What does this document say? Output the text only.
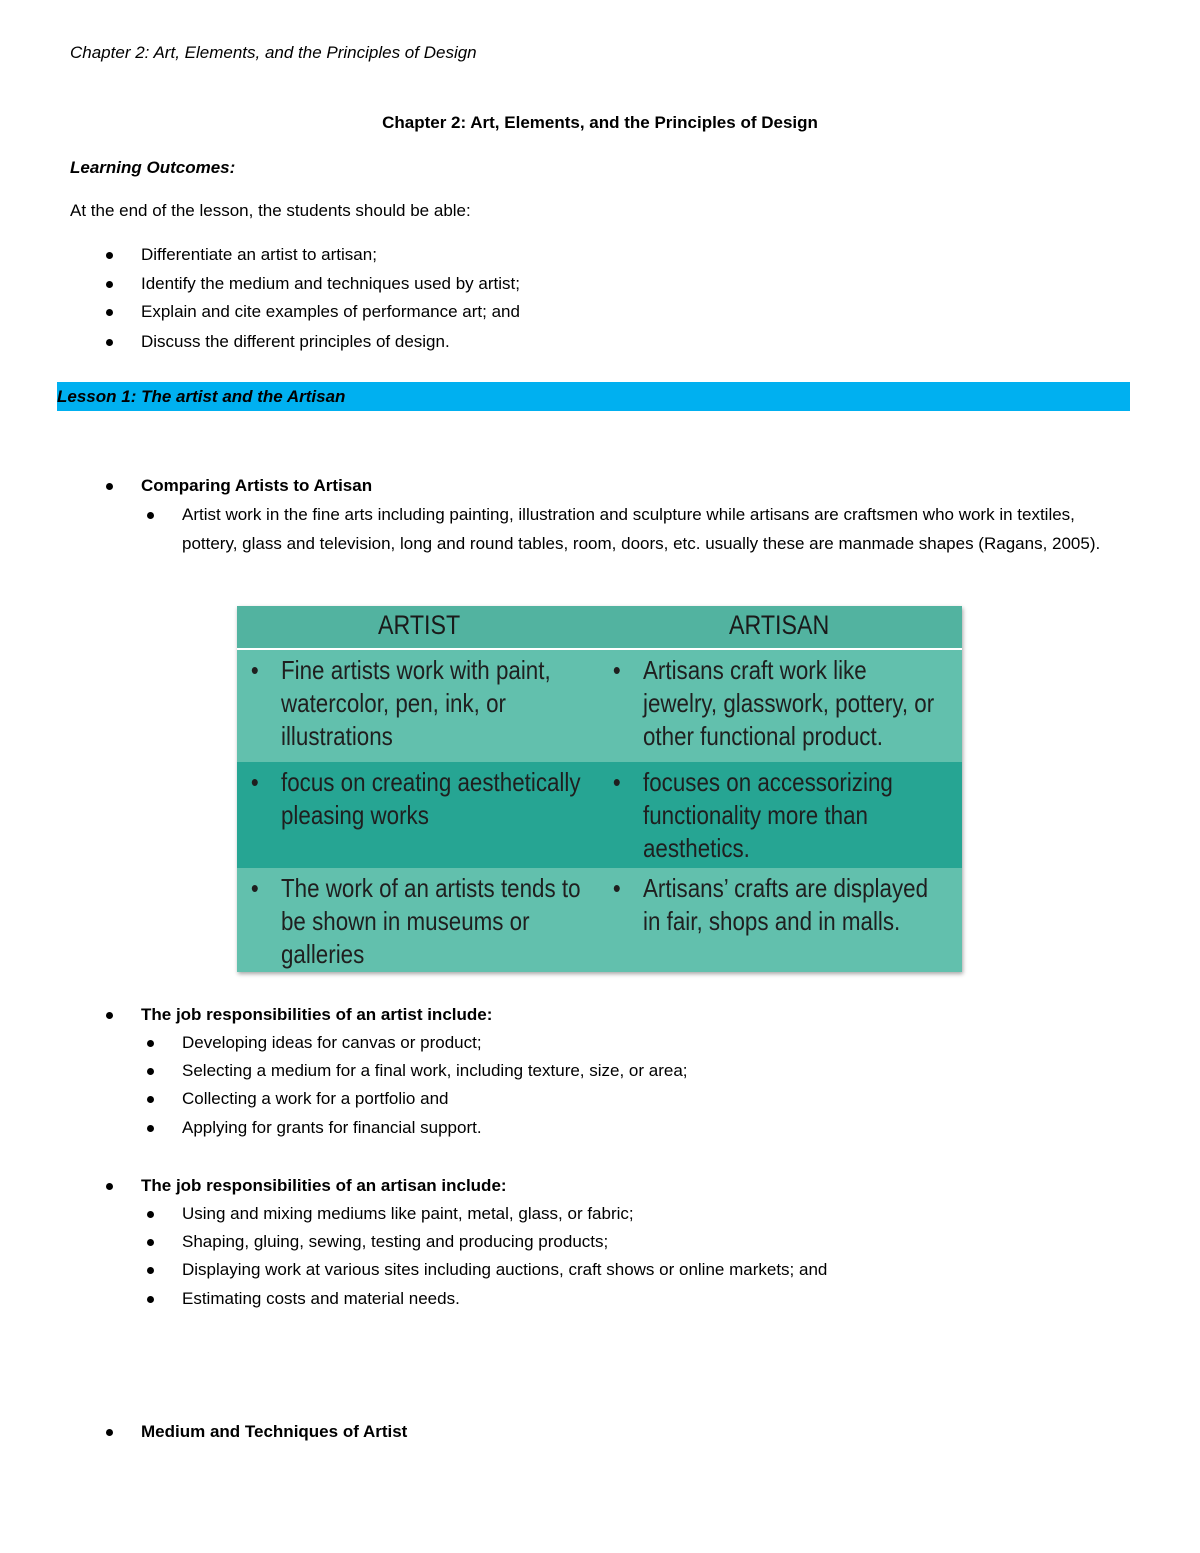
Chapter 2: Art, Elements, and the Principles of Design
Chapter 2: Art, Elements, and the Principles of Design
Learning Outcomes:
At the end of the lesson, the students should be able:
Differentiate an artist to artisan;
Identify the medium and techniques used by artist;
Explain and cite examples of performance art; and
Discuss the different principles of design.
Lesson 1: The artist and the Artisan
Comparing Artists to Artisan
Artist work in the fine arts including painting, illustration and sculpture while artisans are craftsmen who work in textiles, pottery, glass and television, long and round tables, room, doors, etc. usually these are manmade shapes (Ragans, 2005).
ARTIST	ARTISAN
• Fine artists work with paint,
watercolor, pen, ink, or
illustrations
• Artisans craft work like
jewelry, glasswork, pottery, or
other functional product.
• focus on creating aesthetically
pleasing works
• focuses on accessorizing
functionality more than
aesthetics.
• The work of an artists tends to
be shown in museums or
galleries
• Artisans’ crafts are displayed
in fair, shops and in malls.
The job responsibilities of an artist include:
Developing ideas for canvas or product;
Selecting a medium for a final work, including texture, size, or area;
Collecting a work for a portfolio and
Applying for grants for financial support.
The job responsibilities of an artisan include:
Using and mixing mediums like paint, metal, glass, or fabric;
Shaping, gluing, sewing, testing and producing products;
Displaying work at various sites including auctions, craft shows or online markets; and
Estimating costs and material needs.
Medium and Techniques of Artist
